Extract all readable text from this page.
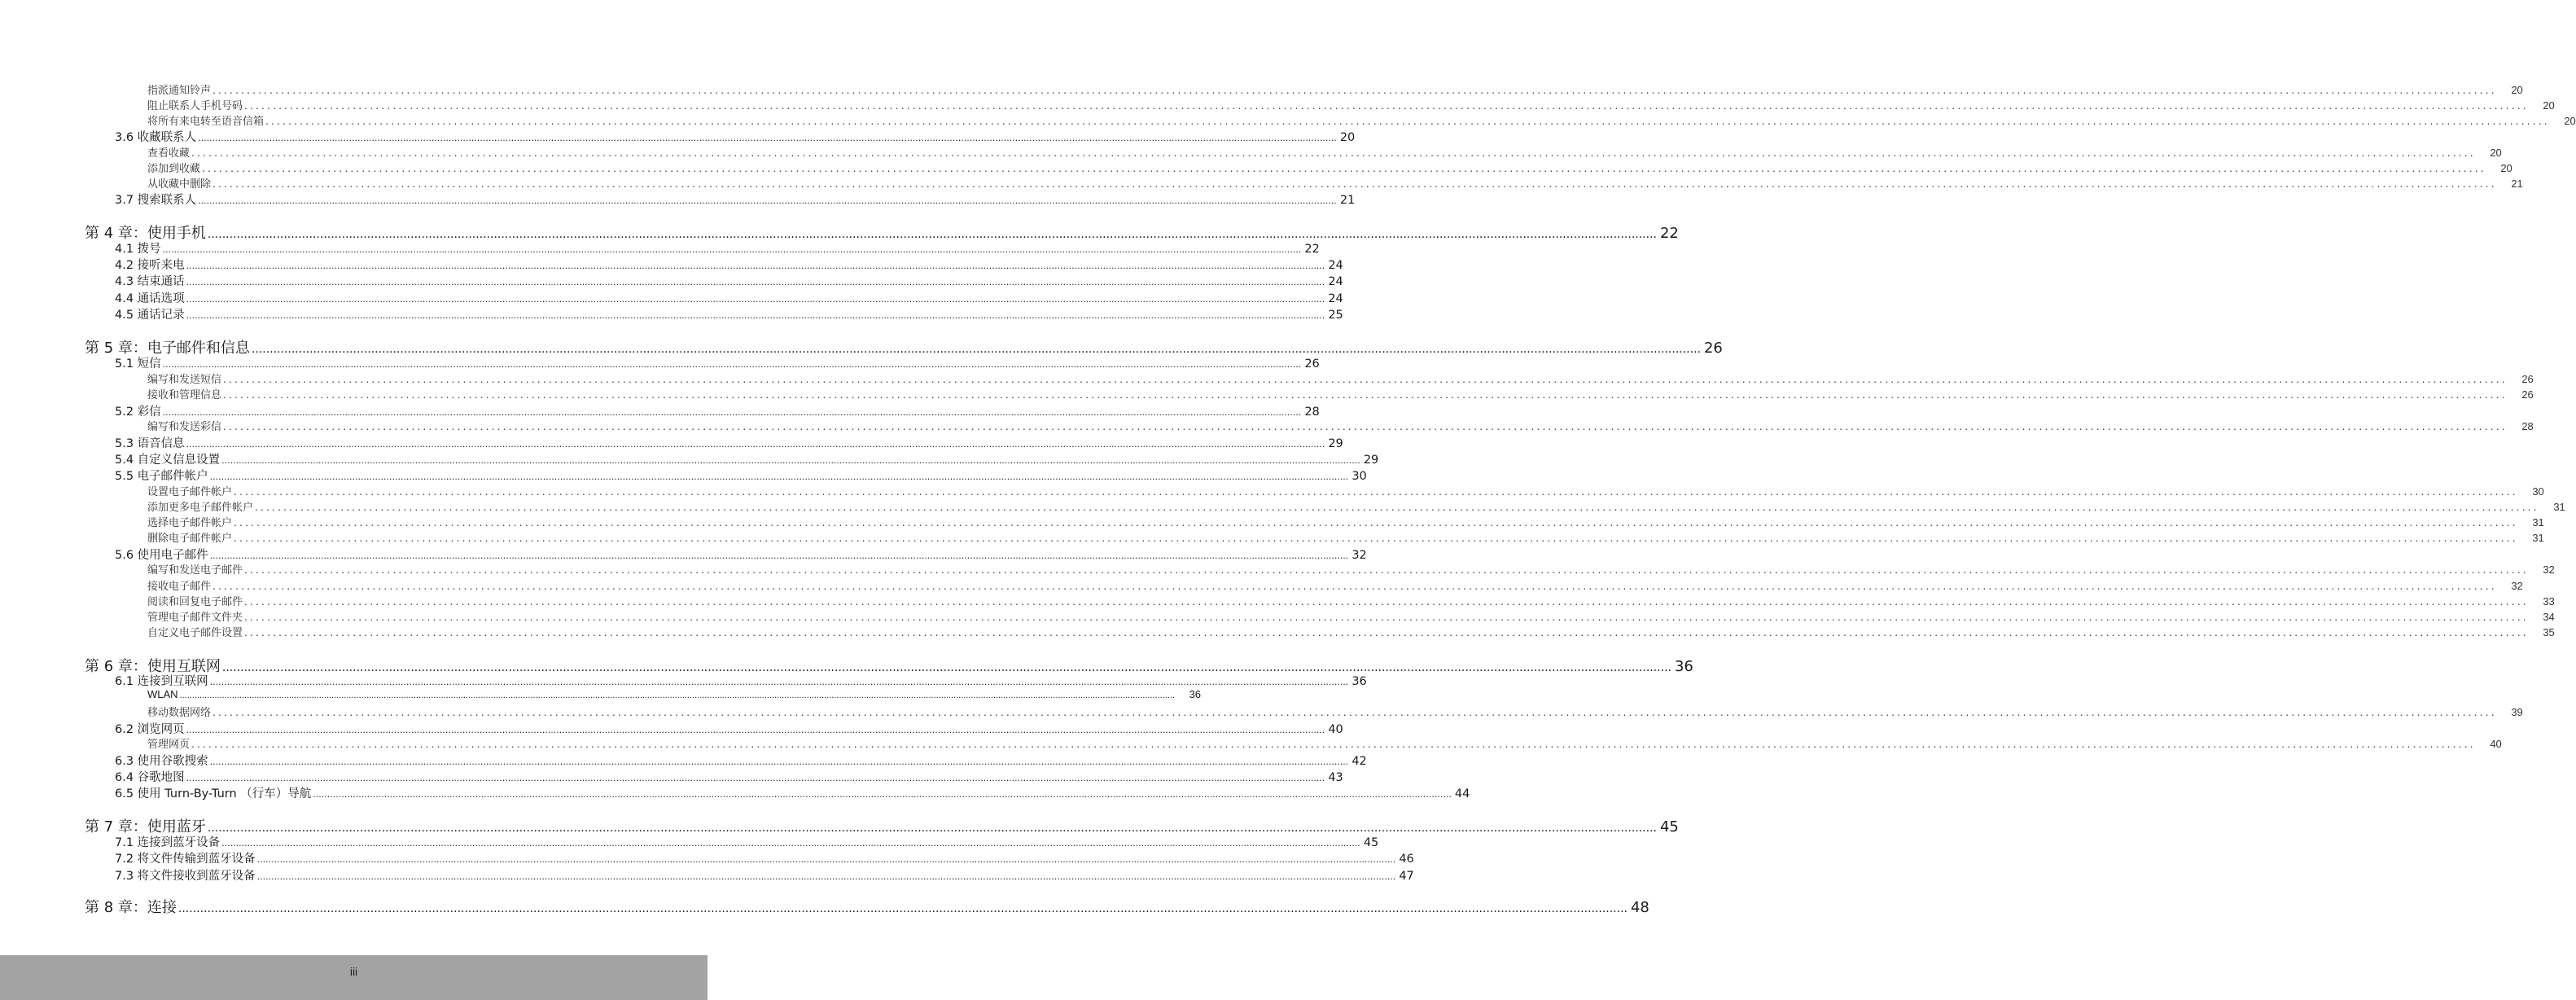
指派通知铃声 ................................................................................................................................................................................................................................................................................................................................................................................................................	20
阻止联系人手机号码 ................................................................................................................................................................................................................................................................................................................................................................................................................	20
将所有来电转至语音信箱 ................................................................................................................................................................................................................................................................................................................................................................................................................	20
3.6 收藏联系人 ................................................................................................................................................................................................................................................................................................................................................................................................................ 20
查看收藏 ................................................................................................................................................................................................................................................................................................................................................................................................................	20
添加到收藏 ................................................................................................................................................................................................................................................................................................................................................................................................................	20
从收藏中删除 ................................................................................................................................................................................................................................................................................................................................................................................................................	21
3.7 搜索联系人 ................................................................................................................................................................................................................................................................................................................................................................................................................ 21
第 4 章：使用手机 ................................................................................................................................................................................................................................................................................................................................................................................................................ 22
4.1 拨号 ................................................................................................................................................................................................................................................................................................................................................................................................................ 22
4.2 接听来电 ................................................................................................................................................................................................................................................................................................................................................................................................................ 24
4.3 结束通话 ................................................................................................................................................................................................................................................................................................................................................................................................................ 24
4.4 通话选项 ................................................................................................................................................................................................................................................................................................................................................................................................................ 24
4.5 通话记录 ................................................................................................................................................................................................................................................................................................................................................................................................................ 25
第 5 章：电子邮件和信息 ................................................................................................................................................................................................................................................................................................................................................................................................................ 26
5.1 短信 ................................................................................................................................................................................................................................................................................................................................................................................................................ 26
编写和发送短信 ................................................................................................................................................................................................................................................................................................................................................................................................................	26
接收和管理信息 ................................................................................................................................................................................................................................................................................................................................................................................................................	26
5.2 彩信 ................................................................................................................................................................................................................................................................................................................................................................................................................ 28
编写和发送彩信 ................................................................................................................................................................................................................................................................................................................................................................................................................	28
5.3 语音信息 ................................................................................................................................................................................................................................................................................................................................................................................................................ 29
5.4 自定义信息设置 ................................................................................................................................................................................................................................................................................................................................................................................................................ 29
5.5 电子邮件帐户 ................................................................................................................................................................................................................................................................................................................................................................................................................ 30
设置电子邮件帐户 ................................................................................................................................................................................................................................................................................................................................................................................................................	30
添加更多电子邮件帐户 ................................................................................................................................................................................................................................................................................................................................................................................................................	31
选择电子邮件帐户 ................................................................................................................................................................................................................................................................................................................................................................................................................	31
删除电子邮件帐户 ................................................................................................................................................................................................................................................................................................................................................................................................................	31
5.6 使用电子邮件 ................................................................................................................................................................................................................................................................................................................................................................................................................ 32
编写和发送电子邮件 ................................................................................................................................................................................................................................................................................................................................................................................................................	32
接收电子邮件 ................................................................................................................................................................................................................................................................................................................................................................................................................	32
阅读和回复电子邮件 ................................................................................................................................................................................................................................................................................................................................................................................................................	33
管理电子邮件文件夹 ................................................................................................................................................................................................................................................................................................................................................................................................................	34
自定义电子邮件设置 ................................................................................................................................................................................................................................................................................................................................................................................................................	35
第 6 章：使用互联网 ................................................................................................................................................................................................................................................................................................................................................................................................................ 36
6.1 连接到互联网 ................................................................................................................................................................................................................................................................................................................................................................................................................ 36
WLAN ................................................................................................................................................................................................................................................................................................................................................................................................................	36
移动数据网络 ................................................................................................................................................................................................................................................................................................................................................................................................................	39
6.2 浏览网页 ................................................................................................................................................................................................................................................................................................................................................................................................................ 40
管理网页 ................................................................................................................................................................................................................................................................................................................................................................................................................	40
6.3 使用谷歌搜索 ................................................................................................................................................................................................................................................................................................................................................................................................................ 42
6.4 谷歌地图 ................................................................................................................................................................................................................................................................................................................................................................................................................ 43
6.5 使用 Turn-By-Turn （行车）导航 ................................................................................................................................................................................................................................................................................................................................................................................................................ 44
第 7 章：使用蓝牙 ................................................................................................................................................................................................................................................................................................................................................................................................................ 45
7.1 连接到蓝牙设备 ................................................................................................................................................................................................................................................................................................................................................................................................................ 45
7.2 将文件传输到蓝牙设备 ................................................................................................................................................................................................................................................................................................................................................................................................................ 46
7.3 将文件接收到蓝牙设备 ................................................................................................................................................................................................................................................................................................................................................................................................................ 47
第 8 章：连接 ................................................................................................................................................................................................................................................................................................................................................................................................................ 48
iii
